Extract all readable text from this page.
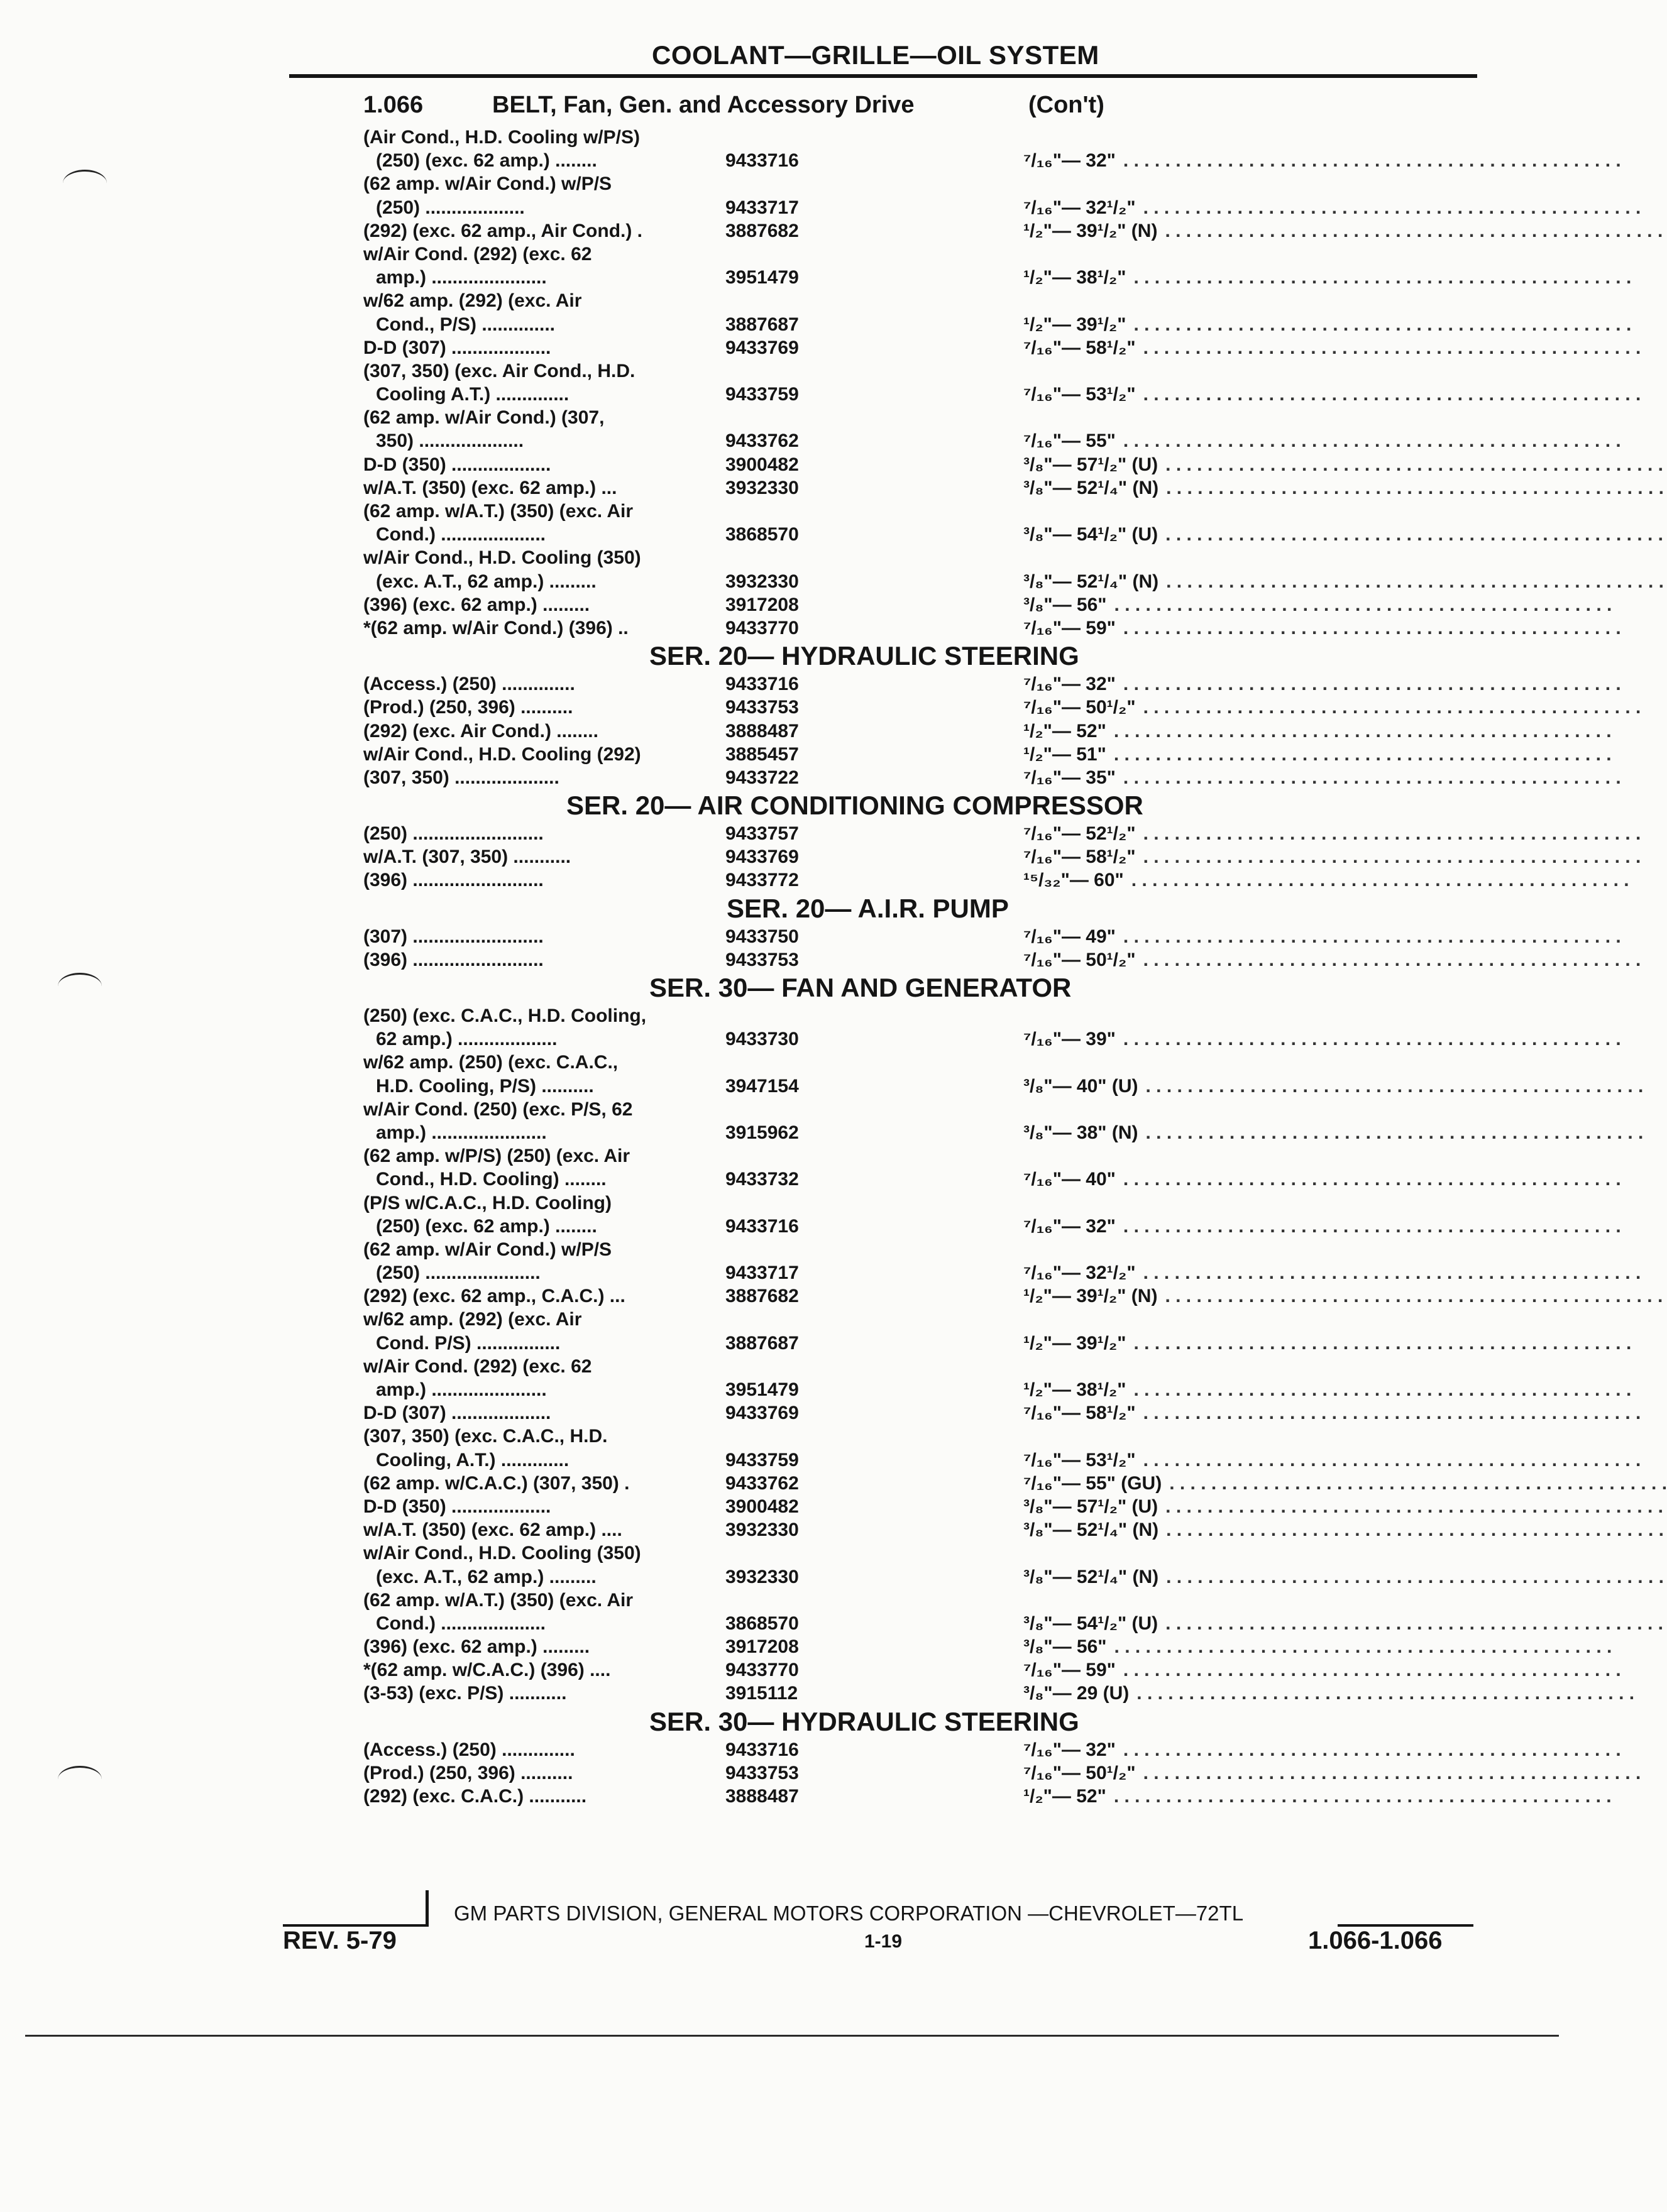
COOLANT—GRILLE—OIL SYSTEM
1.066	BELT, Fan, Gen. and Accessory Drive	(Con't)
(Air Cond., H.D. Cooling w/P/S)
(250) (exc. 62 amp.) ........	9433716	⁷/₁₆"— 32" . . . . . . . . . . . . . . . . . . . . . . . . . . . . . . . . . . . . . . . . . . . . . . . .
(62 amp. w/Air Cond.) w/P/S
(250) ...................	9433717	⁷/₁₆"— 32¹/₂" . . . . . . . . . . . . . . . . . . . . . . . . . . . . . . . . . . . . . . . . . . . . . . . .
(292) (exc. 62 amp., Air Cond.) .	3887682	¹/₂"— 39¹/₂" (N) . . . . . . . . . . . . . . . . . . . . . . . . . . . . . . . . . . . . . . . . . . . . . . . .
w/Air Cond. (292) (exc. 62
amp.) ......................	3951479	¹/₂"— 38¹/₂" . . . . . . . . . . . . . . . . . . . . . . . . . . . . . . . . . . . . . . . . . . . . . . . .
w/62 amp. (292) (exc. Air
Cond., P/S) ..............	3887687	¹/₂"— 39¹/₂" . . . . . . . . . . . . . . . . . . . . . . . . . . . . . . . . . . . . . . . . . . . . . . . .
D-D (307) ...................	9433769	⁷/₁₆"— 58¹/₂" . . . . . . . . . . . . . . . . . . . . . . . . . . . . . . . . . . . . . . . . . . . . . . . .
(307, 350) (exc. Air Cond., H.D.
Cooling A.T.) ..............	9433759	⁷/₁₆"— 53¹/₂" . . . . . . . . . . . . . . . . . . . . . . . . . . . . . . . . . . . . . . . . . . . . . . . .
(62 amp. w/Air Cond.) (307,
350) ....................	9433762	⁷/₁₆"— 55" . . . . . . . . . . . . . . . . . . . . . . . . . . . . . . . . . . . . . . . . . . . . . . . .
D-D (350) ...................	3900482	³/₈"— 57¹/₂" (U) . . . . . . . . . . . . . . . . . . . . . . . . . . . . . . . . . . . . . . . . . . . . . . . .
w/A.T. (350) (exc. 62 amp.) ...	3932330	³/₈"— 52¹/₄" (N) . . . . . . . . . . . . . . . . . . . . . . . . . . . . . . . . . . . . . . . . . . . . . . . .
(62 amp. w/A.T.) (350) (exc. Air
Cond.) ....................	3868570	³/₈"— 54¹/₂" (U) . . . . . . . . . . . . . . . . . . . . . . . . . . . . . . . . . . . . . . . . . . . . . . . .
w/Air Cond., H.D. Cooling (350)
(exc. A.T., 62 amp.) .........	3932330	³/₈"— 52¹/₄" (N) . . . . . . . . . . . . . . . . . . . . . . . . . . . . . . . . . . . . . . . . . . . . . . . .
(396) (exc. 62 amp.) .........	3917208	³/₈"— 56" . . . . . . . . . . . . . . . . . . . . . . . . . . . . . . . . . . . . . . . . . . . . . . . .
*(62 amp. w/Air Cond.) (396) ..	9433770	⁷/₁₆"— 59" . . . . . . . . . . . . . . . . . . . . . . . . . . . . . . . . . . . . . . . . . . . . . . . .
SER. 20— HYDRAULIC STEERING
(Access.) (250) ..............	9433716	⁷/₁₆"— 32" . . . . . . . . . . . . . . . . . . . . . . . . . . . . . . . . . . . . . . . . . . . . . . . .
(Prod.) (250, 396) ..........	9433753	⁷/₁₆"— 50¹/₂" . . . . . . . . . . . . . . . . . . . . . . . . . . . . . . . . . . . . . . . . . . . . . . . .
(292) (exc. Air Cond.) ........	3888487	¹/₂"— 52" . . . . . . . . . . . . . . . . . . . . . . . . . . . . . . . . . . . . . . . . . . . . . . . .
w/Air Cond., H.D. Cooling (292)	3885457	¹/₂"— 51" . . . . . . . . . . . . . . . . . . . . . . . . . . . . . . . . . . . . . . . . . . . . . . . .
(307, 350) ....................	9433722	⁷/₁₆"— 35" . . . . . . . . . . . . . . . . . . . . . . . . . . . . . . . . . . . . . . . . . . . . . . . .
SER. 20— AIR CONDITIONING COMPRESSOR
(250) .........................	9433757	⁷/₁₆"— 52¹/₂" . . . . . . . . . . . . . . . . . . . . . . . . . . . . . . . . . . . . . . . . . . . . . . . .
w/A.T. (307, 350) ...........	9433769	⁷/₁₆"— 58¹/₂" . . . . . . . . . . . . . . . . . . . . . . . . . . . . . . . . . . . . . . . . . . . . . . . .
(396) .........................	9433772	¹⁵/₃₂"— 60" . . . . . . . . . . . . . . . . . . . . . . . . . . . . . . . . . . . . . . . . . . . . . . . .
SER. 20— A.I.R. PUMP
(307) .........................	9433750	⁷/₁₆"— 49" . . . . . . . . . . . . . . . . . . . . . . . . . . . . . . . . . . . . . . . . . . . . . . . .
(396) .........................	9433753	⁷/₁₆"— 50¹/₂" . . . . . . . . . . . . . . . . . . . . . . . . . . . . . . . . . . . . . . . . . . . . . . . .
SER. 30— FAN AND GENERATOR
(250) (exc. C.A.C., H.D. Cooling,
62 amp.) ...................	9433730	⁷/₁₆"— 39" . . . . . . . . . . . . . . . . . . . . . . . . . . . . . . . . . . . . . . . . . . . . . . . .
w/62 amp. (250) (exc. C.A.C.,
H.D. Cooling, P/S) ..........	3947154	³/₈"— 40" (U) . . . . . . . . . . . . . . . . . . . . . . . . . . . . . . . . . . . . . . . . . . . . . . . .
w/Air Cond. (250) (exc. P/S, 62
amp.) ......................	3915962	³/₈"— 38" (N) . . . . . . . . . . . . . . . . . . . . . . . . . . . . . . . . . . . . . . . . . . . . . . . .
(62 amp. w/P/S) (250) (exc. Air
Cond., H.D. Cooling) ........	9433732	⁷/₁₆"— 40" . . . . . . . . . . . . . . . . . . . . . . . . . . . . . . . . . . . . . . . . . . . . . . . .
(P/S w/C.A.C., H.D. Cooling)
(250) (exc. 62 amp.) ........	9433716	⁷/₁₆"— 32" . . . . . . . . . . . . . . . . . . . . . . . . . . . . . . . . . . . . . . . . . . . . . . . .
(62 amp. w/Air Cond.) w/P/S
(250) ......................	9433717	⁷/₁₆"— 32¹/₂" . . . . . . . . . . . . . . . . . . . . . . . . . . . . . . . . . . . . . . . . . . . . . . . .
(292) (exc. 62 amp., C.A.C.) ...	3887682	¹/₂"— 39¹/₂" (N) . . . . . . . . . . . . . . . . . . . . . . . . . . . . . . . . . . . . . . . . . . . . . . . .
w/62 amp. (292) (exc. Air
Cond. P/S) ................	3887687	¹/₂"— 39¹/₂" . . . . . . . . . . . . . . . . . . . . . . . . . . . . . . . . . . . . . . . . . . . . . . . .
w/Air Cond. (292) (exc. 62
amp.) ......................	3951479	¹/₂"— 38¹/₂" . . . . . . . . . . . . . . . . . . . . . . . . . . . . . . . . . . . . . . . . . . . . . . . .
D-D (307) ...................	9433769	⁷/₁₆"— 58¹/₂" . . . . . . . . . . . . . . . . . . . . . . . . . . . . . . . . . . . . . . . . . . . . . . . .
(307, 350) (exc. C.A.C., H.D.
Cooling, A.T.) .............	9433759	⁷/₁₆"— 53¹/₂" . . . . . . . . . . . . . . . . . . . . . . . . . . . . . . . . . . . . . . . . . . . . . . . .
(62 amp. w/C.A.C.) (307, 350) .	9433762	⁷/₁₆"— 55" (GU) . . . . . . . . . . . . . . . . . . . . . . . . . . . . . . . . . . . . . . . . . . . . . . . .
D-D (350) ...................	3900482	³/₈"— 57¹/₂" (U) . . . . . . . . . . . . . . . . . . . . . . . . . . . . . . . . . . . . . . . . . . . . . . . .
w/A.T. (350) (exc. 62 amp.) ....	3932330	³/₈"— 52¹/₄" (N) . . . . . . . . . . . . . . . . . . . . . . . . . . . . . . . . . . . . . . . . . . . . . . . .
w/Air Cond., H.D. Cooling (350)
(exc. A.T., 62 amp.) .........	3932330	³/₈"— 52¹/₄" (N) . . . . . . . . . . . . . . . . . . . . . . . . . . . . . . . . . . . . . . . . . . . . . . . .
(62 amp. w/A.T.) (350) (exc. Air
Cond.) ....................	3868570	³/₈"— 54¹/₂" (U) . . . . . . . . . . . . . . . . . . . . . . . . . . . . . . . . . . . . . . . . . . . . . . . .
(396) (exc. 62 amp.) .........	3917208	³/₈"— 56" . . . . . . . . . . . . . . . . . . . . . . . . . . . . . . . . . . . . . . . . . . . . . . . .
*(62 amp. w/C.A.C.) (396) ....	9433770	⁷/₁₆"— 59" . . . . . . . . . . . . . . . . . . . . . . . . . . . . . . . . . . . . . . . . . . . . . . . .
(3-53) (exc. P/S) ...........	3915112	³/₈"— 29 (U) . . . . . . . . . . . . . . . . . . . . . . . . . . . . . . . . . . . . . . . . . . . . . . . .
SER. 30— HYDRAULIC STEERING
(Access.) (250) ..............	9433716	⁷/₁₆"— 32" . . . . . . . . . . . . . . . . . . . . . . . . . . . . . . . . . . . . . . . . . . . . . . . .
(Prod.) (250, 396) ..........	9433753	⁷/₁₆"— 50¹/₂" . . . . . . . . . . . . . . . . . . . . . . . . . . . . . . . . . . . . . . . . . . . . . . . .
(292) (exc. C.A.C.) ...........	3888487	¹/₂"— 52" . . . . . . . . . . . . . . . . . . . . . . . . . . . . . . . . . . . . . . . . . . . . . . . .
GM PARTS DIVISION, GENERAL MOTORS CORPORATION —CHEVROLET—72TL
REV. 5-79	1-19	1.066-1.066
